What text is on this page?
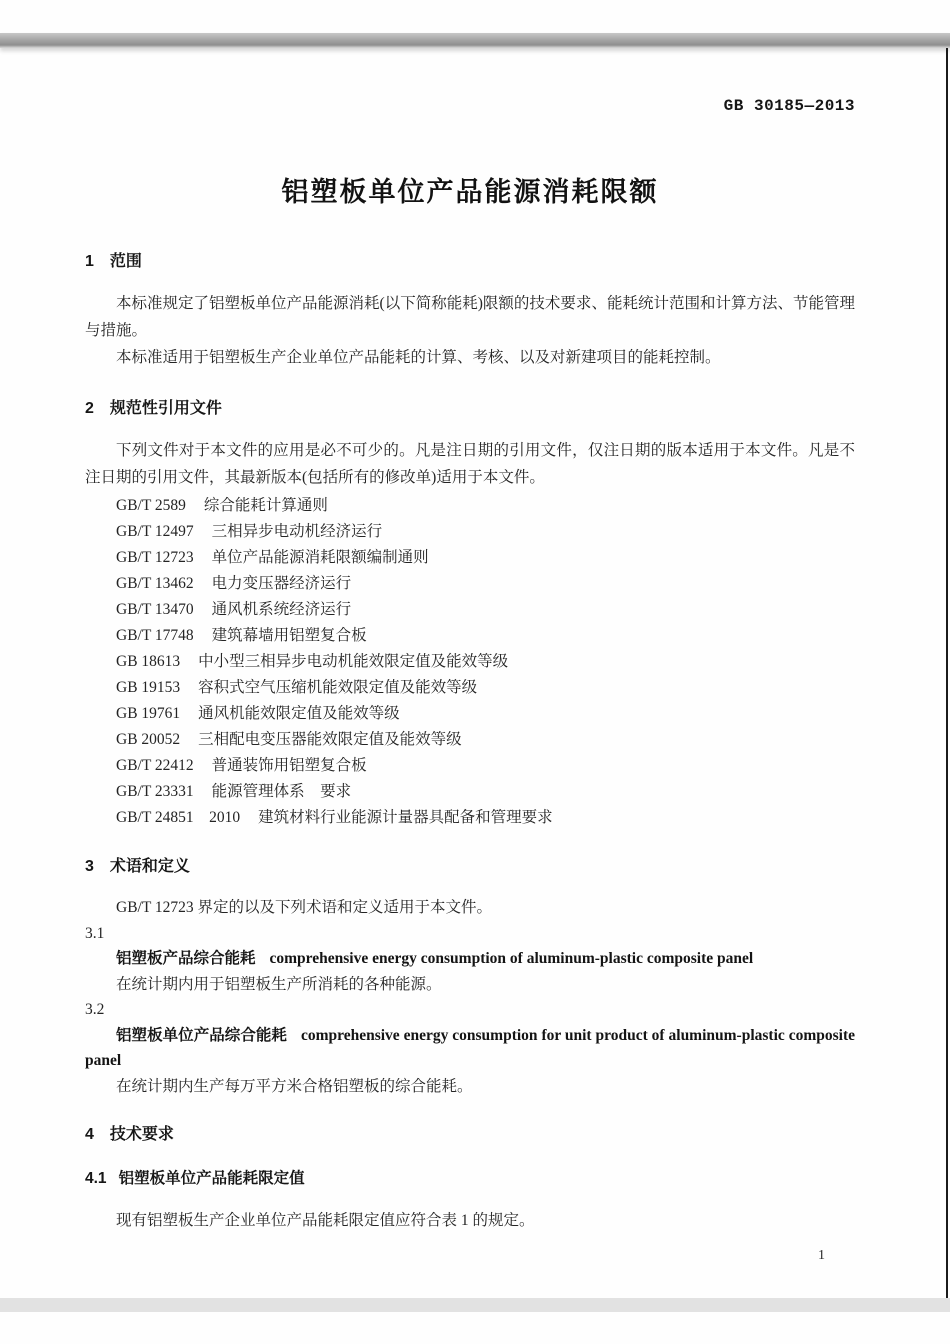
GB 30185—2013
铝塑板单位产品能源消耗限额
1 范围

本标准规定了铝塑板单位产品能源消耗(以下简称能耗)限额的技术要求、能耗统计范围和计算方法、节能管理与措施。

本标准适用于铝塑板生产企业单位产品能耗的计算、考核、以及对新建项目的能耗控制。

2 规范性引用文件

下列文件对于本文件的应用是必不可少的。凡是注日期的引用文件，仅注日期的版本适用于本文件。凡是不注日期的引用文件，其最新版本(包括所有的修改单)适用于本文件。

GB/T 2589 综合能耗计算通则
GB/T 12497 三相异步电动机经济运行
GB/T 12723 单位产品能源消耗限额编制通则
GB/T 13462 电力变压器经济运行
GB/T 13470 通风机系统经济运行
GB/T 17748 建筑幕墙用铝塑复合板
GB 18613 中小型三相异步电动机能效限定值及能效等级
GB 19153 容积式空气压缩机能效限定值及能效等级
GB 19761 通风机能效限定值及能效等级
GB 20052 三相配电变压器能效限定值及能效等级
GB/T 22412 普通装饰用铝塑复合板
GB/T 23331 能源管理体系　要求
GB/T 24851　2010 建筑材料行业能源计量器具配备和管理要求
3 术语和定义

GB/T 12723 界定的以及下列术语和定义适用于本文件。

3.1

铝塑板产品综合能耗 comprehensive energy consumption of aluminum-plastic composite panel

在统计期内用于铝塑板生产所消耗的各种能源。

3.2

铝塑板单位产品综合能耗 comprehensive energy consumption for unit product of aluminum-plastic composite panel

在统计期内生产每万平方米合格铝塑板的综合能耗。

4 技术要求
4.1 铝塑板单位产品能耗限定值

现有铝塑板生产企业单位产品能耗限定值应符合表 1 的规定。

1
